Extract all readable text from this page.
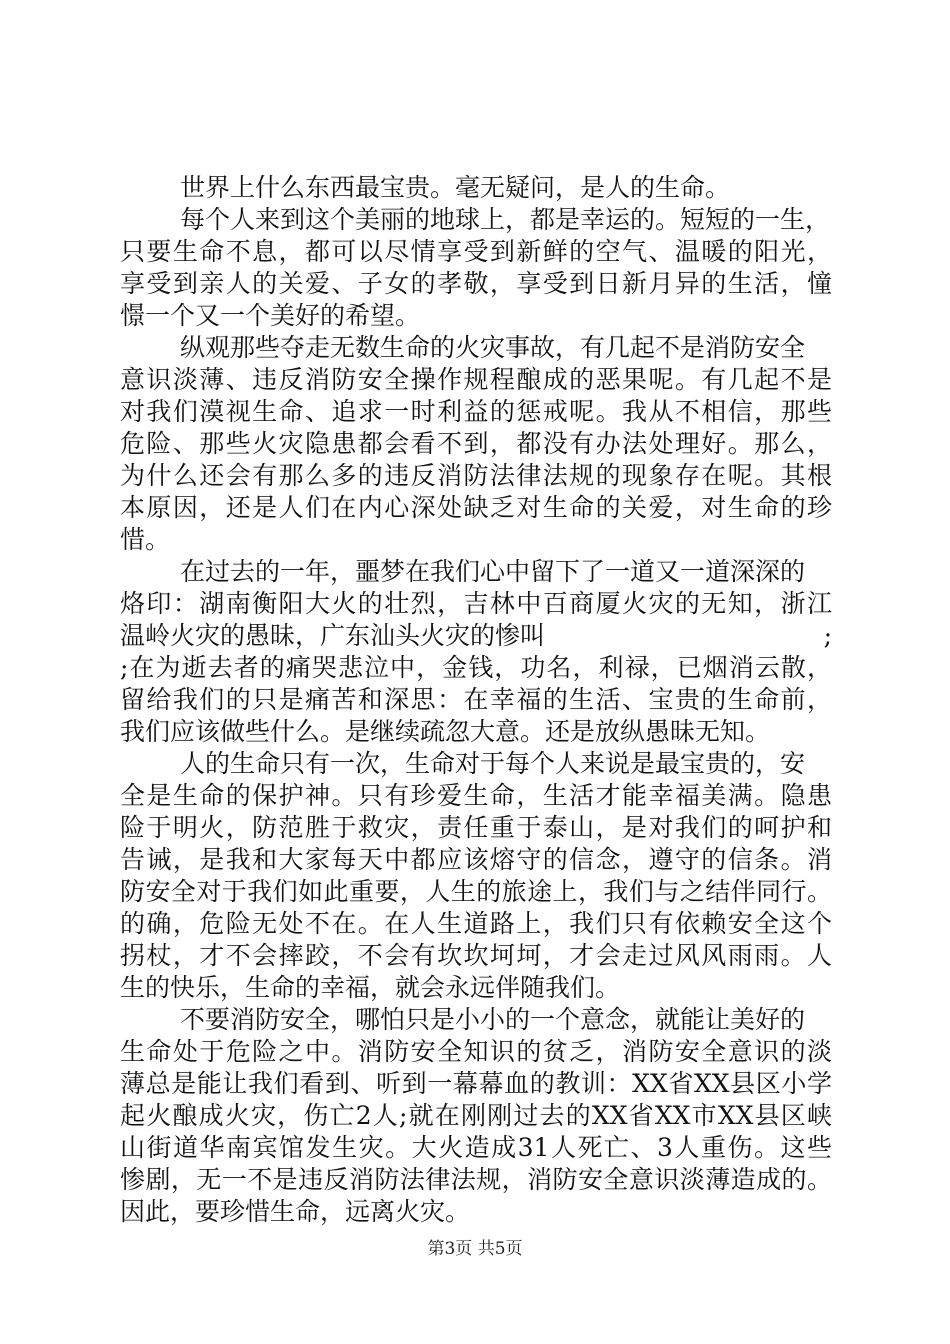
世界上什么东西最宝贵。毫无疑问，是人的生命。
每个人来到这个美丽的地球上，都是幸运的。短短的一生，
只要生命不息，都可以尽情享受到新鲜的空气、温暖的阳光，
享受到亲人的关爱、子女的孝敬，享受到日新月异的生活，憧
憬一个又一个美好的希望。
纵观那些夺走无数生命的火灾事故，有几起不是消防安全
意识淡薄、违反消防安全操作规程酿成的恶果呢。有几起不是
对我们漠视生命、追求一时利益的惩戒呢。我从不相信，那些
危险、那些火灾隐患都会看不到，都没有办法处理好。那么，
为什么还会有那么多的违反消防法律法规的现象存在呢。其根
本原因，还是人们在内心深处缺乏对生命的关爱，对生命的珍
惜。
在过去的一年，噩梦在我们心中留下了一道又一道深深的
烙印：湖南衡阳大火的壮烈，吉林中百商厦火灾的无知，浙江
温岭火灾的愚昧，广东汕头火灾的惨叫	;
;在为逝去者的痛哭悲泣中，金钱，功名，利禄，已烟消云散，
留给我们的只是痛苦和深思：在幸福的生活、宝贵的生命前，
我们应该做些什么。是继续疏忽大意。还是放纵愚昧无知。
人的生命只有一次，生命对于每个人来说是最宝贵的，安
全是生命的保护神。只有珍爱生命，生活才能幸福美满。隐患
险于明火，防范胜于救灾，责任重于泰山，是对我们的呵护和
告诫，是我和大家每天中都应该熔守的信念，遵守的信条。消
防安全对于我们如此重要，人生的旅途上，我们与之结伴同行。
的确，危险无处不在。在人生道路上，我们只有依赖安全这个
拐杖，才不会摔跤，不会有坎坎坷坷，才会走过风风雨雨。人
生的快乐，生命的幸福，就会永远伴随我们。
不要消防安全，哪怕只是小小的一个意念，就能让美好的
生命处于危险之中。消防安全知识的贫乏，消防安全意识的淡
薄总是能让我们看到、听到一幕幕血的教训：XX省XX县区小学
起火酿成火灾，伤亡2人;就在刚刚过去的XX省XX市XX县区峡
山街道华南宾馆发生灾。大火造成31人死亡、3人重伤。这些
惨剧，无一不是违反消防法律法规，消防安全意识淡薄造成的。
因此，要珍惜生命，远离火灾。
第3页 共5页
